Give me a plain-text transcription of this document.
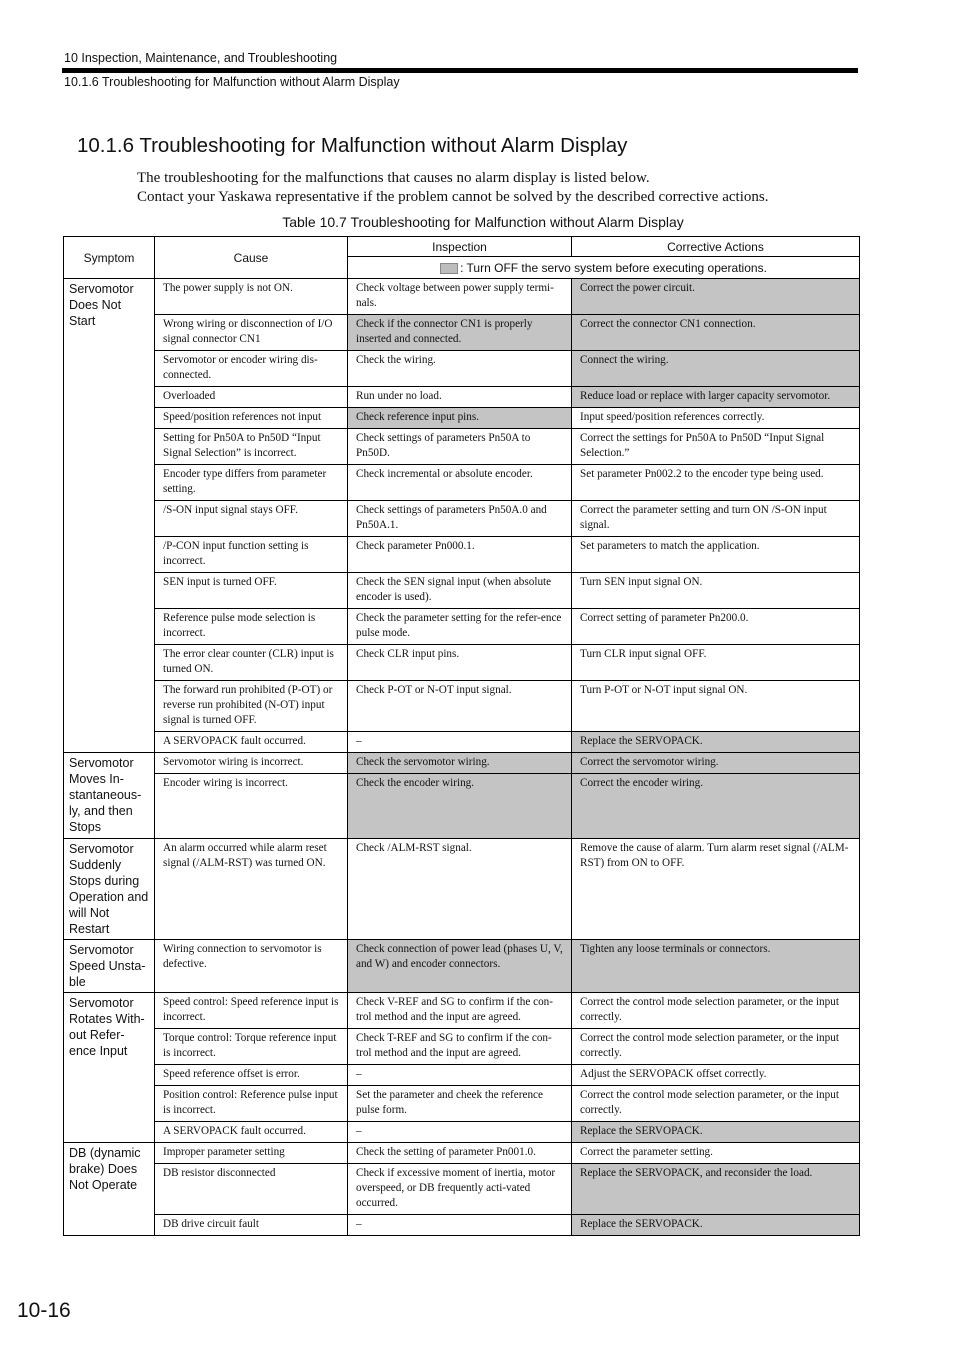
10 Inspection, Maintenance, and Troubleshooting
10.1.6 Troubleshooting for Malfunction without Alarm Display
10.1.6 Troubleshooting for Malfunction without Alarm Display
The troubleshooting for the malfunctions that causes no alarm display is listed below.
Contact your Yaskawa representative if the problem cannot be solved by the described corrective actions.
Table 10.7 Troubleshooting for Malfunction without Alarm Display
Symptom	Cause	Inspection	Corrective Actions
		: Turn OFF the servo system before executing operations.	
Servomotor Does Not Start	The power supply is not ON.	Check voltage between power supply termi-nals.	Correct the power circuit.
	Wrong wiring or disconnection of I/O signal connector CN1	Check if the connector CN1 is properly inserted and connected.	Correct the connector CN1 connection.
	Servomotor or encoder wiring dis-connected.	Check the wiring.	Connect the wiring.
	Overloaded	Run under no load.	Reduce load or replace with larger capacity servomotor.
	Speed/position references not input	Check reference input pins.	Input speed/position references correctly.
	Setting for Pn50A to Pn50D “Input Signal Selection” is incorrect.	Check settings of parameters Pn50A to Pn50D.	Correct the settings for Pn50A to Pn50D “Input Signal Selection.”
	Encoder type differs from parameter setting.	Check incremental or absolute encoder.	Set parameter Pn002.2 to the encoder type being used.
	/S-ON input signal stays OFF.	Check settings of parameters Pn50A.0 and Pn50A.1.	Correct the parameter setting and turn ON /S-ON input signal.
	/P-CON input function setting is incorrect.	Check parameter Pn000.1.	Set parameters to match the application.
	SEN input is turned OFF.	Check the SEN signal input (when absolute encoder is used).	Turn SEN input signal ON.
	Reference pulse mode selection is incorrect.	Check the parameter setting for the refer-ence pulse mode.	Correct setting of parameter Pn200.0.
	The error clear counter (CLR) input is turned ON.	Check CLR input pins.	Turn CLR input signal OFF.
	The forward run prohibited (P-OT) or reverse run prohibited (N-OT) input signal is turned OFF.	Check P-OT or N-OT input signal.	Turn P-OT or N-OT input signal ON.
	A SERVOPACK fault occurred.	–	Replace the SERVOPACK.
Servomotor Moves In-stantaneous-ly, and then Stops	Servomotor wiring is incorrect.	Check the servomotor wiring.	Correct the servomotor wiring.
	Encoder wiring is incorrect.	Check the encoder wiring.	Correct the encoder wiring.
Servomotor Suddenly Stops during Operation and will Not Restart	An alarm occurred while alarm reset signal (/ALM-RST) was turned ON.	Check /ALM-RST signal.	Remove the cause of alarm. Turn alarm reset signal (/ALM-RST) from ON to OFF.
Servomotor Speed Unsta-ble	Wiring connection to servomotor is defective.	Check connection of power lead (phases U, V, and W) and encoder connectors.	Tighten any loose terminals or connectors.
Servomotor Rotates With-out Refer-ence Input	Speed control: Speed reference input is incorrect.	Check V-REF and SG to confirm if the con-trol method and the input are agreed.	Correct the control mode selection parameter, or the input correctly.
	Torque control: Torque reference input is incorrect.	Check T-REF and SG to confirm if the con-trol method and the input are agreed.	Correct the control mode selection parameter, or the input correctly.
	Speed reference offset is error.	–	Adjust the SERVOPACK offset correctly.
	Position control: Reference pulse input is incorrect.	Set the parameter and cheek the reference pulse form.	Correct the control mode selection parameter, or the input correctly.
	A SERVOPACK fault occurred.	–	Replace the SERVOPACK.
DB (dynamic brake) Does Not Operate	Improper parameter setting	Check the setting of parameter Pn001.0.	Correct the parameter setting.
	DB resistor disconnected	Check if excessive moment of inertia, motor overspeed, or DB frequently acti-vated occurred.	Replace the SERVOPACK, and reconsider the load.
	DB drive circuit fault	–	Replace the SERVOPACK.
10-16
